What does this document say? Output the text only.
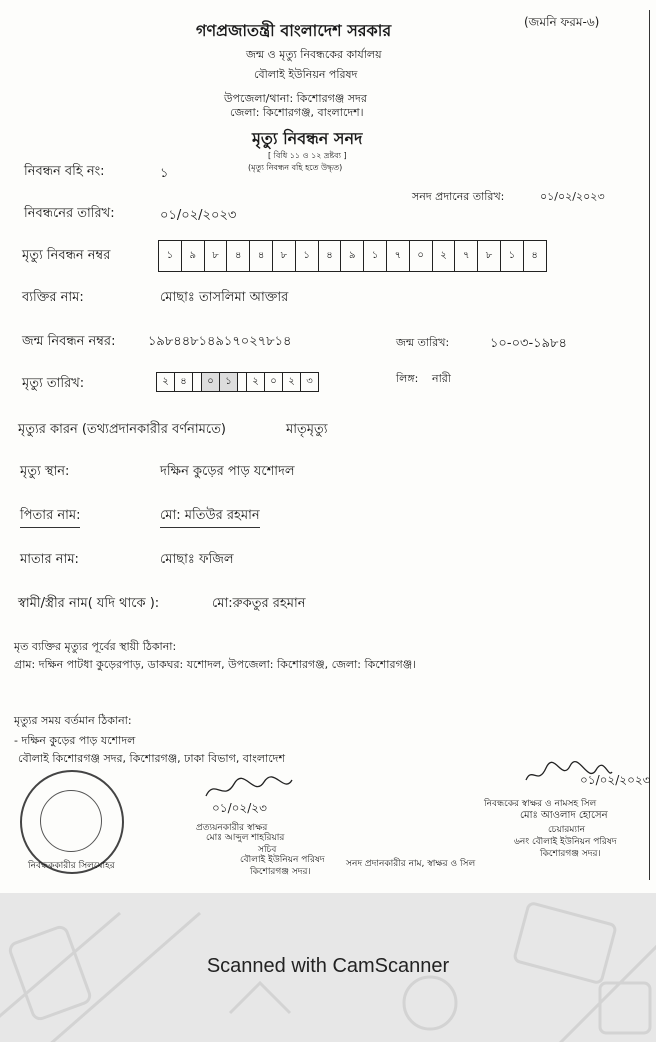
গণপ্রজাতন্ত্রী বাংলাদেশ সরকার	(জমনি ফরম-৬)
জন্ম ও মৃত্যু নিবন্ধকের কার্যালয়
বৌলাই ইউনিয়ন পরিষদ
উপজেলা/থানা: কিশোরগঞ্জ সদর
জেলা: কিশোরগঞ্জ, বাংলাদেশ।
মৃত্যু নিবন্ধন সনদ
[ বিধি ১১ ও ১২ দ্রষ্টব্য ]
(মৃত্যু নিবন্ধন বহি হতে উদ্ধৃত)
নিবন্ধন বহি নং:	১
সনদ প্রদানের তারিখ:	০১/০২/২০২৩
নিবন্ধনের তারিখ:	০১/০২/২০২৩
মৃত্যু নিবন্ধন নম্বর	১	৯	৮	৪	৪	৮	১	৪	৯	১	৭	০	২	৭	৮	১	৪
ব্যক্তির নাম:	মোছাঃ তাসলিমা আক্তার
জন্ম নিবন্ধন নম্বর:	১৯৮৪৪৮১৪৯১৭০২৭৮১৪	জন্ম তারিখ:	১০-০৩-১৯৮৪
মৃত্যু তারিখ:	২	৪	০	১	২	০	২	৩	লিঙ্গ: নারী
মৃত্যুর কারন (তথ্যপ্রদানকারীর বর্ণনামতে)	মাতৃমৃত্যু
মৃত্যু স্থান:	দক্ষিন কুড়ের পাড় যশোদল
পিতার নাম:	মো: মতিউর রহমান
মাতার নাম:	মোছাঃ ফজিল
স্বামী/স্ত্রীর নাম( যদি থাকে ):	মো:রুকতুর রহমান
মৃত ব্যক্তির মৃত্যুর পূর্বের স্থায়ী ঠিকানা:
গ্রাম: দক্ষিন পাটধা কুড়েরপাড়, ডাকঘর: যশোদল, উপজেলা: কিশোরগঞ্জ, জেলা: কিশোরগঞ্জ।
মৃত্যুর সময় বর্তমান ঠিকানা:
- দক্ষিন কুড়ের পাড় যশোদল
বৌলাই কিশোরগঞ্জ সদর, কিশোরগঞ্জ, ঢাকা বিভাগ, বাংলাদেশ
০১/০২/২৩
প্রত্যয়নকারীর স্বাক্ষর
মোঃ আব্দুল শাহরিয়ার
সচিব
বৌলাই ইউনিয়ন পরিষদ
কিশোরগঞ্জ সদর।
নিবন্ধককারীর সিলমোহর	সনদ প্রদানকারীর নাম, স্বাক্ষর ও সিল
০১/০২/২০২৩
নিবন্ধকের স্বাক্ষর ও নামসহ সিল
মোঃ আওলাদ হোসেন
চেয়ারম্যান
৬নং বৌলাই ইউনিয়ন পরিষদ
কিশোরগঞ্জ সদর।
Scanned with CamScanner
